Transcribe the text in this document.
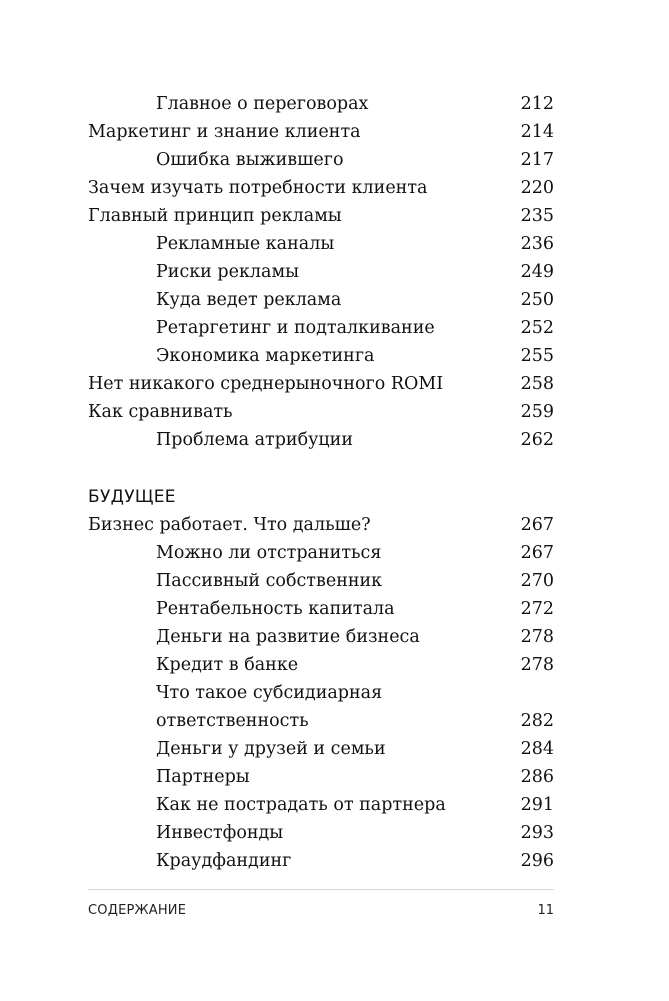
Главное о переговорах	212
Маркетинг и знание клиента	214
Ошибка выжившего	217
Зачем изучать потребности клиента	220
Главный принцип рекламы	235
Рекламные каналы	236
Риски рекламы	249
Куда ведет реклама	250
Ретаргетинг и подталкивание	252
Экономика маркетинга	255
Нет никакого среднерыночного ROMI	258
Как сравнивать	259
Проблема атрибуции	262
БУДУЩЕЕ
Бизнес работает. Что дальше?	267
Можно ли отстраниться	267
Пассивный собственник	270
Рентабельность капитала	272
Деньги на развитие бизнеса	278
Кредит в банке	278
Что такое субсидиарная
ответственность	282
Деньги у друзей и семьи	284
Партнеры	286
Как не пострадать от партнера	291
Инвестфонды	293
Краудфандинг	296
СОДЕРЖАНИЕ	11
